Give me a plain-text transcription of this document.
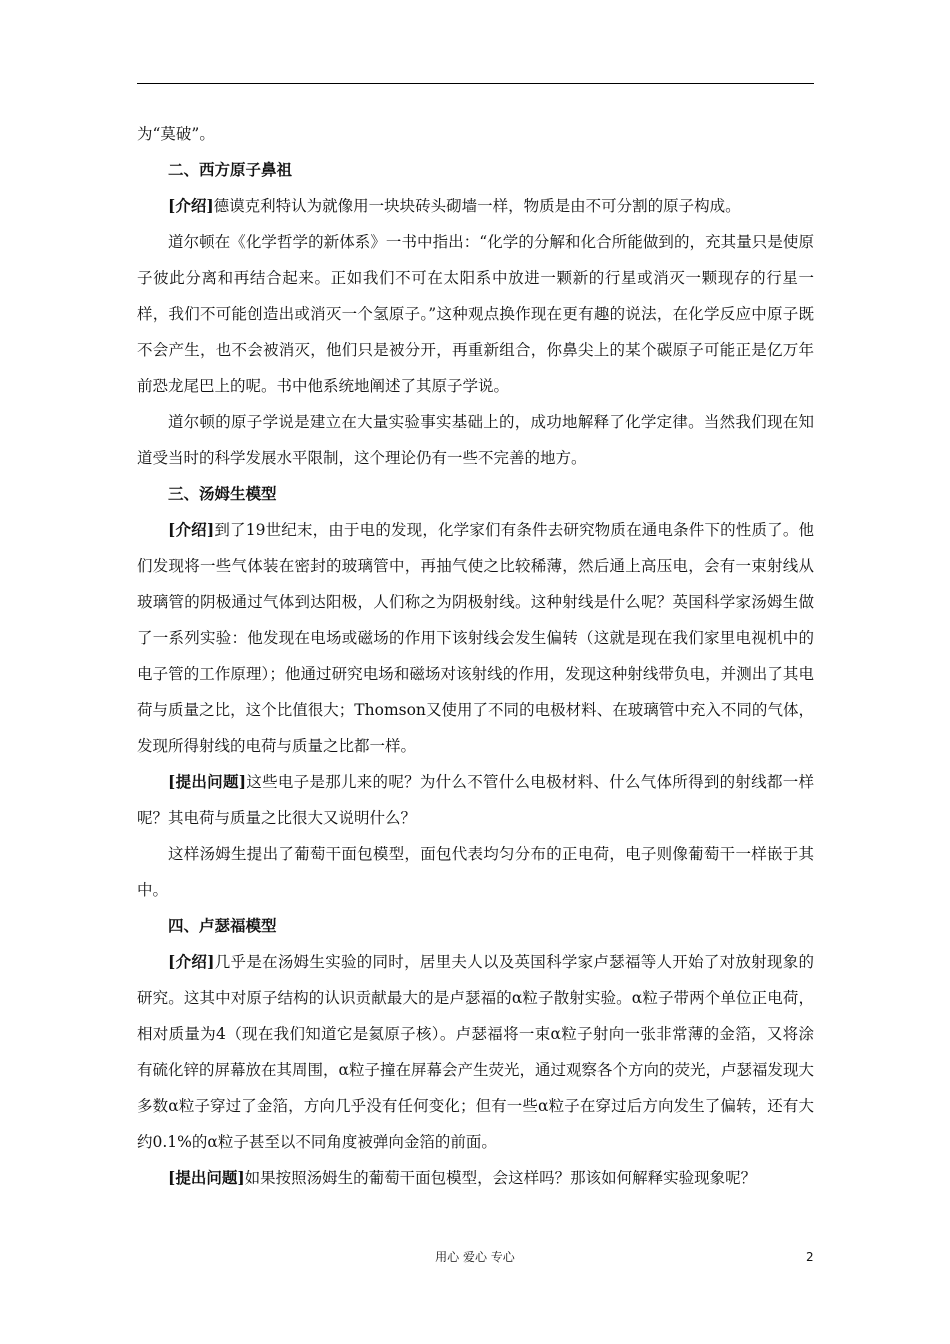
为“莫破”。

二、西方原子鼻祖

[介绍]德谟克利特认为就像用一块块砖头砌墙一样，物质是由不可分割的原子构成。

道尔顿在《化学哲学的新体系》一书中指出：“化学的分解和化合所能做到的，充其量只是使原子彼此分离和再结合起来。正如我们不可在太阳系中放进一颗新的行星或消灭一颗现存的行星一样，我们不可能创造出或消灭一个氢原子。”这种观点换作现在更有趣的说法，在化学反应中原子既不会产生，也不会被消灭，他们只是被分开，再重新组合，你鼻尖上的某个碳原子可能正是亿万年前恐龙尾巴上的呢。书中他系统地阐述了其原子学说。

道尔顿的原子学说是建立在大量实验事实基础上的，成功地解释了化学定律。当然我们现在知道受当时的科学发展水平限制，这个理论仍有一些不完善的地方。

三、汤姆生模型

[介绍]到了19世纪末，由于电的发现，化学家们有条件去研究物质在通电条件下的性质了。他们发现将一些气体装在密封的玻璃管中，再抽气使之比较稀薄，然后通上高压电，会有一束射线从玻璃管的阴极通过气体到达阳极，人们称之为阴极射线。这种射线是什么呢？英国科学家汤姆生做了一系列实验：他发现在电场或磁场的作用下该射线会发生偏转（这就是现在我们家里电视机中的电子管的工作原理）；他通过研究电场和磁场对该射线的作用，发现这种射线带负电，并测出了其电荷与质量之比，这个比值很大；Thomson又使用了不同的电极材料、在玻璃管中充入不同的气体，发现所得射线的电荷与质量之比都一样。

[提出问题]这些电子是那儿来的呢？为什么不管什么电极材料、什么气体所得到的射线都一样呢？其电荷与质量之比很大又说明什么？

这样汤姆生提出了葡萄干面包模型，面包代表均匀分布的正电荷，电子则像葡萄干一样嵌于其中。

四、卢瑟福模型

[介绍]几乎是在汤姆生实验的同时，居里夫人以及英国科学家卢瑟福等人开始了对放射现象的研究。这其中对原子结构的认识贡献最大的是卢瑟福的α粒子散射实验。α粒子带两个单位正电荷，相对质量为4（现在我们知道它是氦原子核）。卢瑟福将一束α粒子射向一张非常薄的金箔，又将涂有硫化锌的屏幕放在其周围，α粒子撞在屏幕会产生荧光，通过观察各个方向的荧光，卢瑟福发现大多数α粒子穿过了金箔，方向几乎没有任何变化；但有一些α粒子在穿过后方向发生了偏转，还有大约0.1%的α粒子甚至以不同角度被弹向金箔的前面。

[提出问题]如果按照汤姆生的葡萄干面包模型，会这样吗？那该如何解释实验现象呢？

用心 爱心 专心	2
